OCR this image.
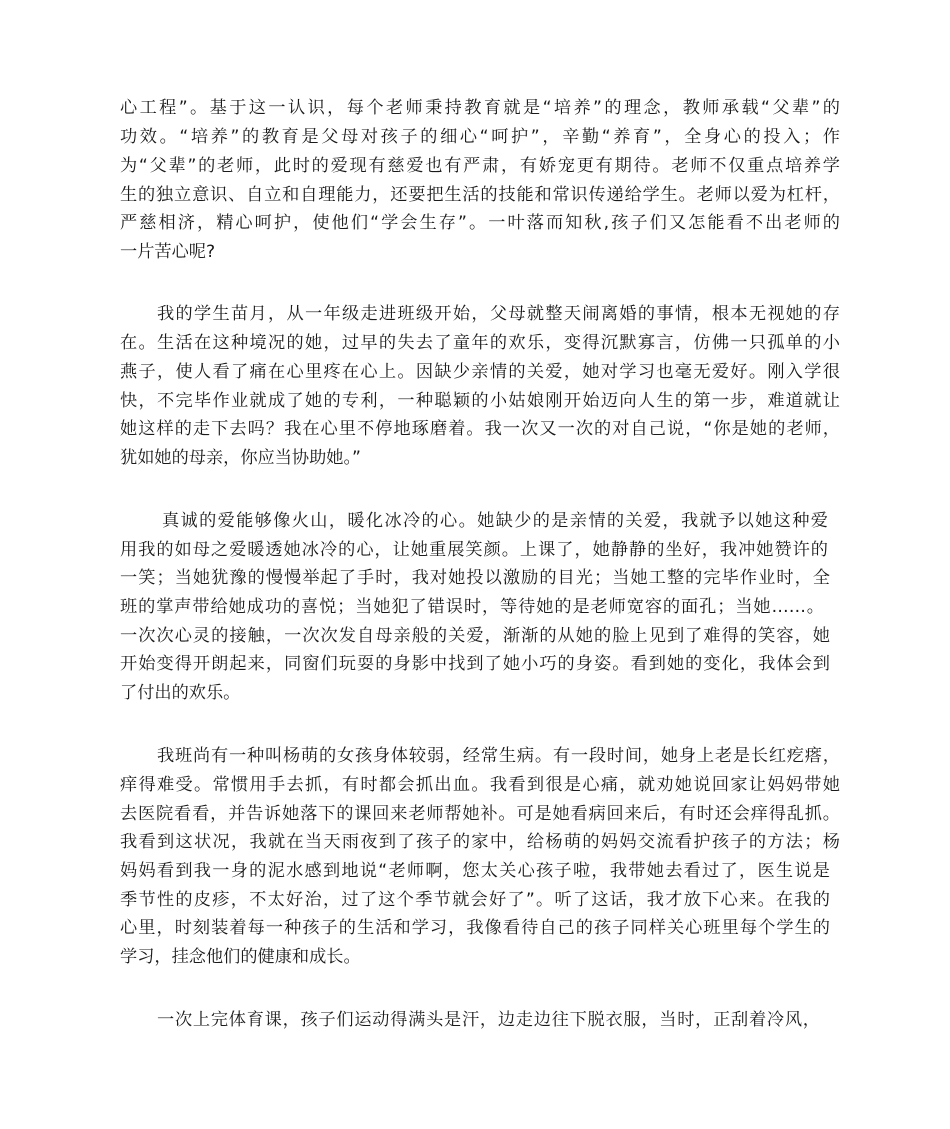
心工程”。基于这一认识，每个老师秉持教育就是“培养”的理念，教师承载“父辈”的
功效。“培养”的教育是父母对孩子的细心“呵护”，辛勤“养育”，全身心的投入；作
为“父辈”的老师，此时的爱现有慈爱也有严肃，有娇宠更有期待。老师不仅重点培养学
生的独立意识、自立和自理能力，还要把生活的技能和常识传递给学生。老师以爱为杠杆，
严慈相济，精心呵护，使他们“学会生存”。一叶落而知秋,孩子们又怎能看不出老师的
一片苦心呢?
我的学生苗月，从一年级走进班级开始，父母就整天闹离婚的事情，根本无视她的存
在。生活在这种境况的她，过早的失去了童年的欢乐，变得沉默寡言，仿佛一只孤单的小
燕子，使人看了痛在心里疼在心上。因缺少亲情的关爱，她对学习也毫无爱好。刚入学很
快，不完毕作业就成了她的专利，一种聪颖的小姑娘刚开始迈向人生的第一步，难道就让
她这样的走下去吗？我在心里不停地琢磨着。我一次又一次的对自己说，“你是她的老师，
犹如她的母亲，你应当协助她。”
真诚的爱能够像火山，暖化冰冷的心。她缺少的是亲情的关爱，我就予以她这种爱
用我的如母之爱暖透她冰冷的心，让她重展笑颜。上课了，她静静的坐好，我冲她赞许的
一笑；当她犹豫的慢慢举起了手时，我对她投以激励的目光；当她工整的完毕作业时，全
班的掌声带给她成功的喜悦；当她犯了错误时，等待她的是老师宽容的面孔；当她……。
一次次心灵的接触，一次次发自母亲般的关爱，渐渐的从她的脸上见到了难得的笑容，她
开始变得开朗起来，同窗们玩耍的身影中找到了她小巧的身姿。看到她的变化，我体会到
了付出的欢乐。
我班尚有一种叫杨萌的女孩身体较弱，经常生病。有一段时间，她身上老是长红疙瘩，
痒得难受。常惯用手去抓，有时都会抓出血。我看到很是心痛，就劝她说回家让妈妈带她
去医院看看，并告诉她落下的课回来老师帮她补。可是她看病回来后，有时还会痒得乱抓。
我看到这状况，我就在当天雨夜到了孩子的家中，给杨萌的妈妈交流看护孩子的方法；杨
妈妈看到我一身的泥水感到地说“老师啊，您太关心孩子啦，我带她去看过了，医生说是
季节性的皮疹，不太好治，过了这个季节就会好了”。听了这话，我才放下心来。在我的
心里，时刻装着每一种孩子的生活和学习，我像看待自己的孩子同样关心班里每个学生的
学习，挂念他们的健康和成长。
一次上完体育课，孩子们运动得满头是汗，边走边往下脱衣服，当时，正刮着冷风，
